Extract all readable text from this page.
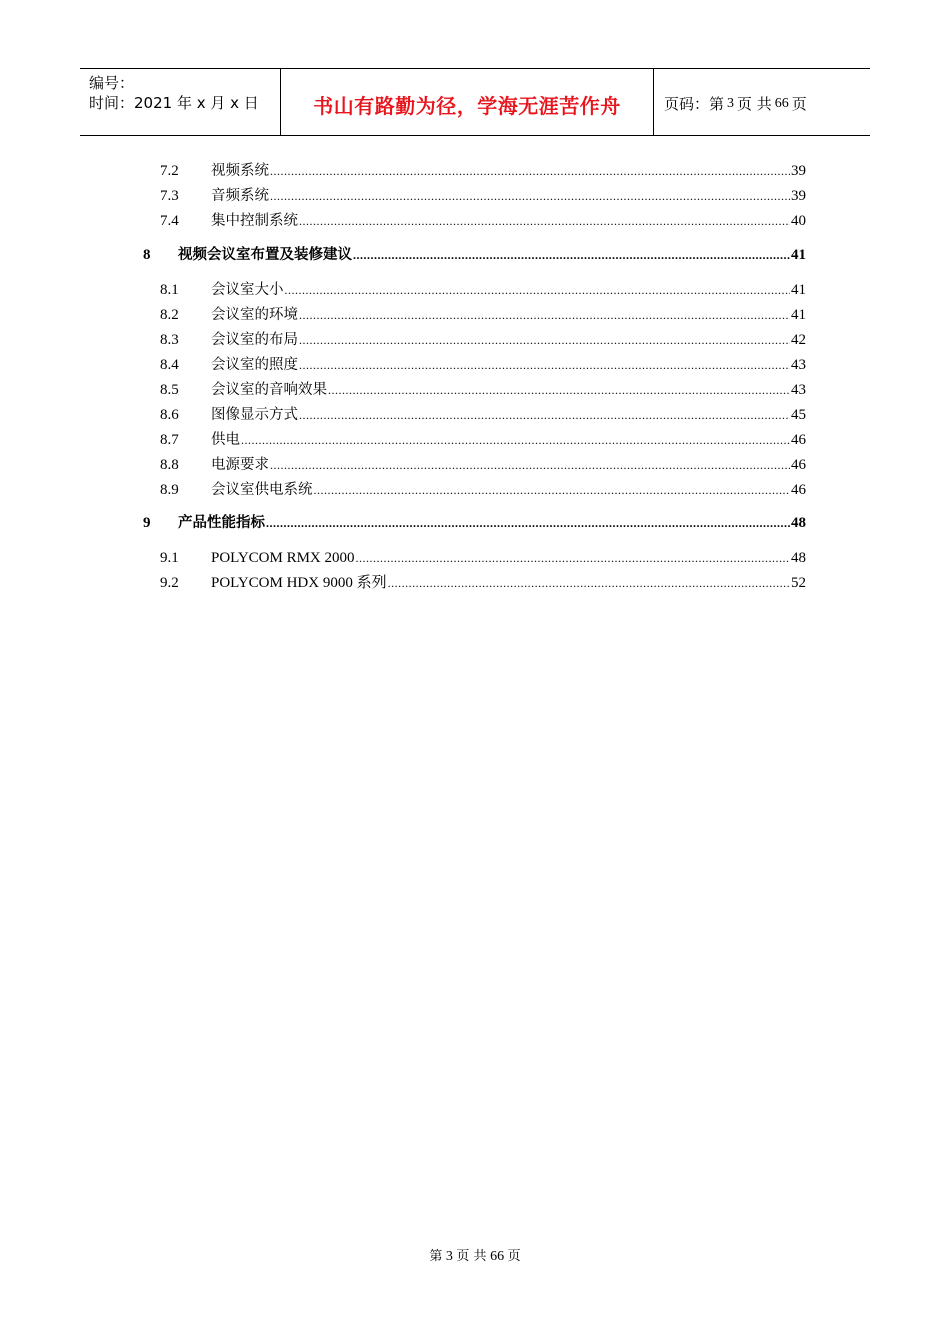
编号：
时间：2021 年 x 月 x 日	书山有路勤为径，学海无涯苦作舟	页码：第 3 页 共 66 页
7.2	视频系统 .....	39
7.3	音频系统 .....	39
7.4	集中控制系统 .....	40
8	视频会议室布置及装修建议 .....	41
8.1	会议室大小 .....	41
8.2	会议室的环境 .....	41
8.3	会议室的布局 .....	42
8.4	会议室的照度 .....	43
8.5	会议室的音响效果 .....	43
8.6	图像显示方式 .....	45
8.7	供电 .....	46
8.8	电源要求 .....	46
8.9	会议室供电系统 .....	46
9	产品性能指标 .....	48
9.1	POLYCOM RMX 2000 .....	48
9.2	POLYCOM HDX 9000 系列 .....	52
第 3 页 共 66 页
